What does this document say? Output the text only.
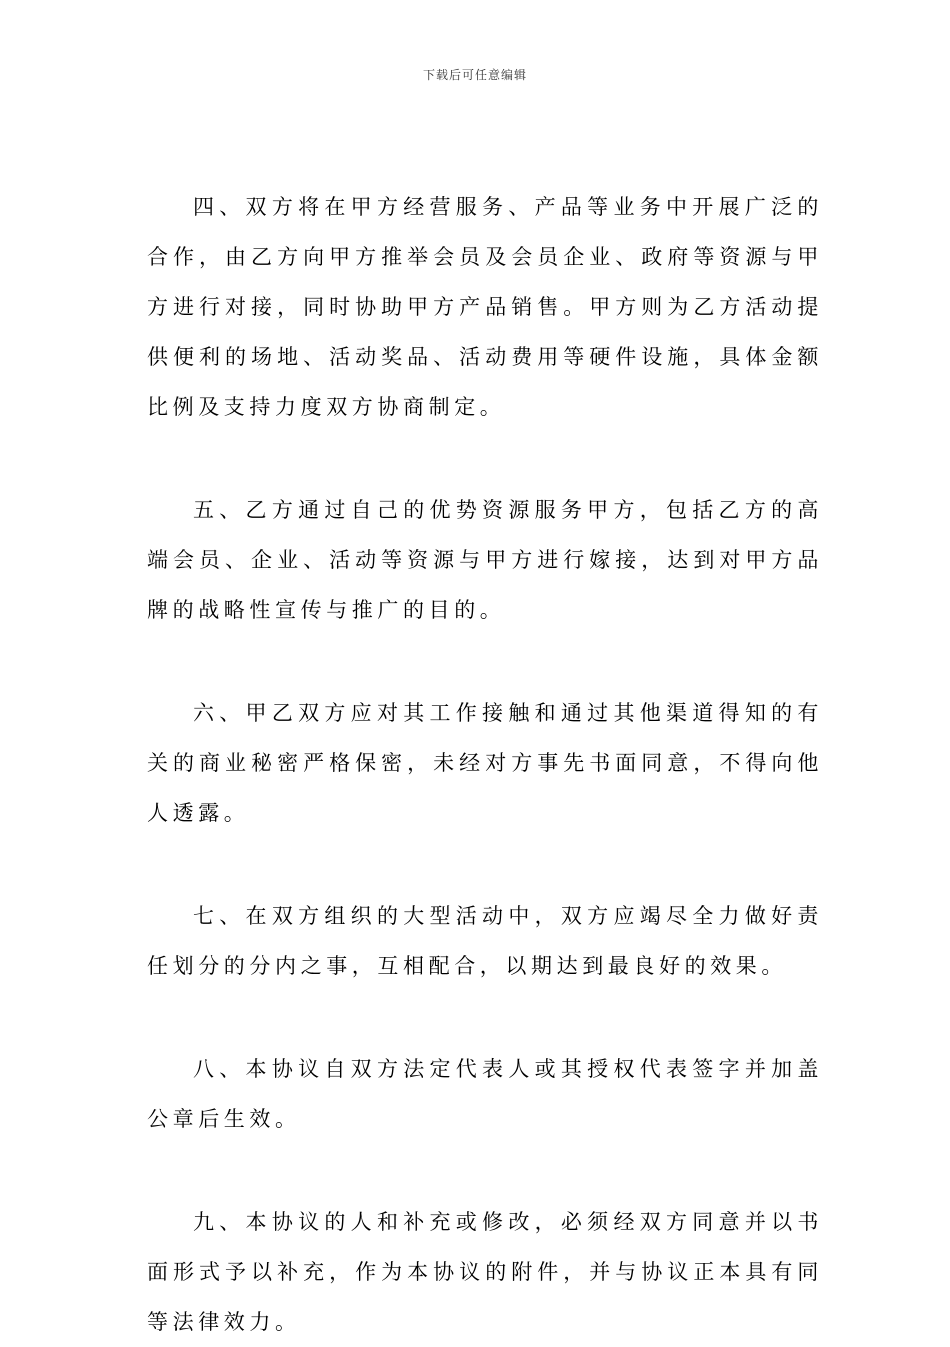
下载后可任意编辑

四、双方将在甲方经营服务、产品等业务中开展广泛的合作，由乙方向甲方推举会员及会员企业、政府等资源与甲方进行对接，同时协助甲方产品销售。甲方则为乙方活动提供便利的场地、活动奖品、活动费用等硬件设施，具体金额比例及支持力度双方协商制定。

五、乙方通过自己的优势资源服务甲方，包括乙方的高端会员、企业、活动等资源与甲方进行嫁接，达到对甲方品牌的战略性宣传与推广的目的。

六、甲乙双方应对其工作接触和通过其他渠道得知的有关的商业秘密严格保密，未经对方事先书面同意，不得向他人透露。

七、在双方组织的大型活动中，双方应竭尽全力做好责任划分的分内之事，互相配合，以期达到最良好的效果。

八、本协议自双方法定代表人或其授权代表签字并加盖公章后生效。

九、本协议的人和补充或修改，必须经双方同意并以书面形式予以补充，作为本协议的附件，并与协议正本具有同等法律效力。
